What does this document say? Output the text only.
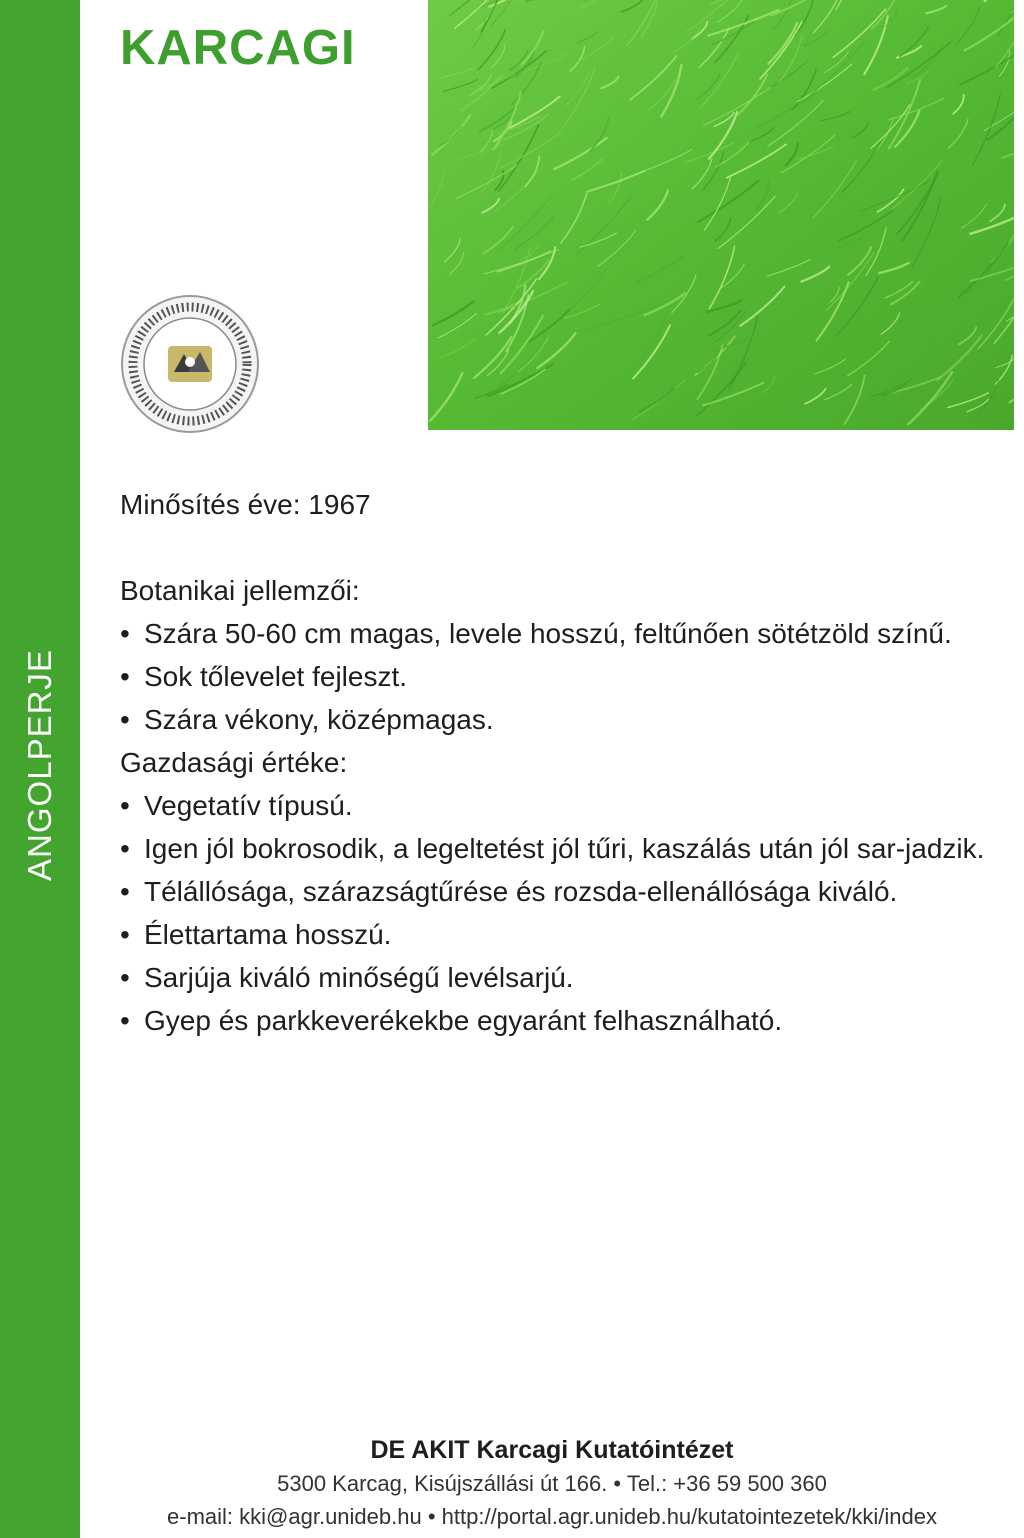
ANGOLPERJE
KARCAGI

Minősítés éve: 1967

Botanikai jellemzői:

• Szára 50-60 cm magas, levele hosszú, feltűnően sötétzöld színű.
• Sok tőlevelet fejleszt.
• Szára vékony, középmagas.

Gazdasági értéke:

• Vegetatív típusú.
• Igen jól bokrosodik, a legeltetést jól tűri, kaszálás után jól sar-jadzik.
• Télállósága, szárazságtűrése és rozsda-ellenállósága kiváló.
• Élettartama hosszú.
• Sarjúja kiváló minőségű levélsarjú.
• Gyep és parkkeverékekbe egyaránt felhasználható.
DE AKIT Karcagi Kutatóintézet
5300 Karcag, Kisújszállási út 166. • Tel.: +36 59 500 360
e-mail: kki@agr.unideb.hu • http://portal.agr.unideb.hu/kutatointezetek/kki/index
